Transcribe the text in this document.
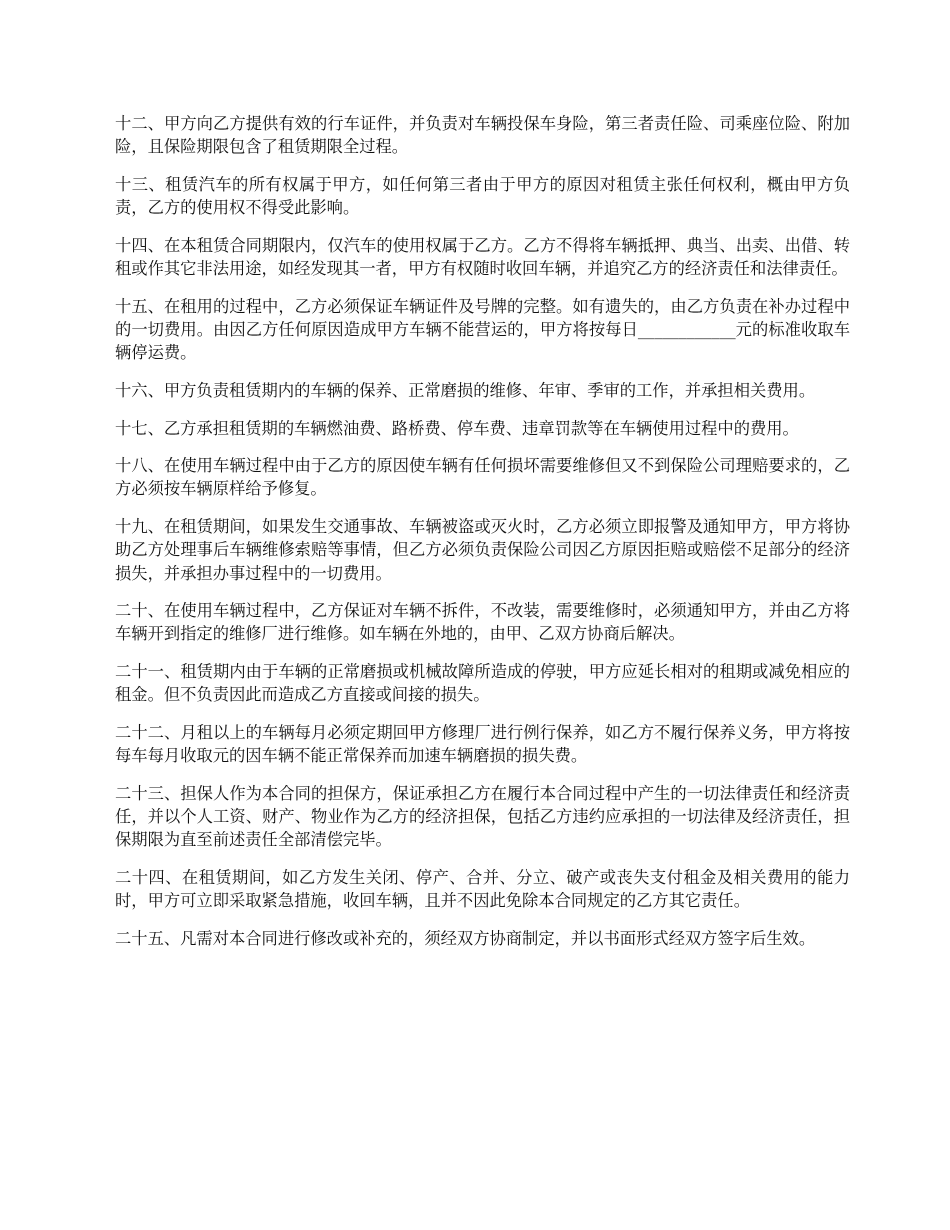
十二、甲方向乙方提供有效的行车证件，并负责对车辆投保车身险，第三者责任险、司乘座位险、附加险，且保险期限包含了租赁期限全过程。

十三、租赁汽车的所有权属于甲方，如任何第三者由于甲方的原因对租赁主张任何权利，概由甲方负责，乙方的使用权不得受此影响。

十四、在本租赁合同期限内，仅汽车的使用权属于乙方。乙方不得将车辆抵押、典当、出卖、出借、转租或作其它非法用途，如经发现其一者，甲方有权随时收回车辆，并追究乙方的经济责任和法律责任。

十五、在租用的过程中，乙方必须保证车辆证件及号牌的完整。如有遗失的，由乙方负责在补办过程中的一切费用。由因乙方任何原因造成甲方车辆不能营运的，甲方将按每日____________元的标准收取车辆停运费。

十六、甲方负责租赁期内的车辆的保养、正常磨损的维修、年审、季审的工作，并承担相关费用。

十七、乙方承担租赁期的车辆燃油费、路桥费、停车费、违章罚款等在车辆使用过程中的费用。

十八、在使用车辆过程中由于乙方的原因使车辆有任何损坏需要维修但又不到保险公司理赔要求的，乙方必须按车辆原样给予修复。

十九、在租赁期间，如果发生交通事故、车辆被盗或灭火时，乙方必须立即报警及通知甲方，甲方将协助乙方处理事后车辆维修索赔等事情，但乙方必须负责保险公司因乙方原因拒赔或赔偿不足部分的经济损失，并承担办事过程中的一切费用。

二十、在使用车辆过程中，乙方保证对车辆不拆件，不改装，需要维修时，必须通知甲方，并由乙方将车辆开到指定的维修厂进行维修。如车辆在外地的，由甲、乙双方协商后解决。

二十一、租赁期内由于车辆的正常磨损或机械故障所造成的停驶，甲方应延长相对的租期或减免相应的租金。但不负责因此而造成乙方直接或间接的损失。

二十二、月租以上的车辆每月必须定期回甲方修理厂进行例行保养，如乙方不履行保养义务，甲方将按每车每月收取元的因车辆不能正常保养而加速车辆磨损的损失费。

二十三、担保人作为本合同的担保方，保证承担乙方在履行本合同过程中产生的一切法律责任和经济责任，并以个人工资、财产、物业作为乙方的经济担保，包括乙方违约应承担的一切法律及经济责任，担保期限为直至前述责任全部清偿完毕。

二十四、在租赁期间，如乙方发生关闭、停产、合并、分立、破产或丧失支付租金及相关费用的能力时，甲方可立即采取紧急措施，收回车辆，且并不因此免除本合同规定的乙方其它责任。

二十五、凡需对本合同进行修改或补充的，须经双方协商制定，并以书面形式经双方签字后生效。
